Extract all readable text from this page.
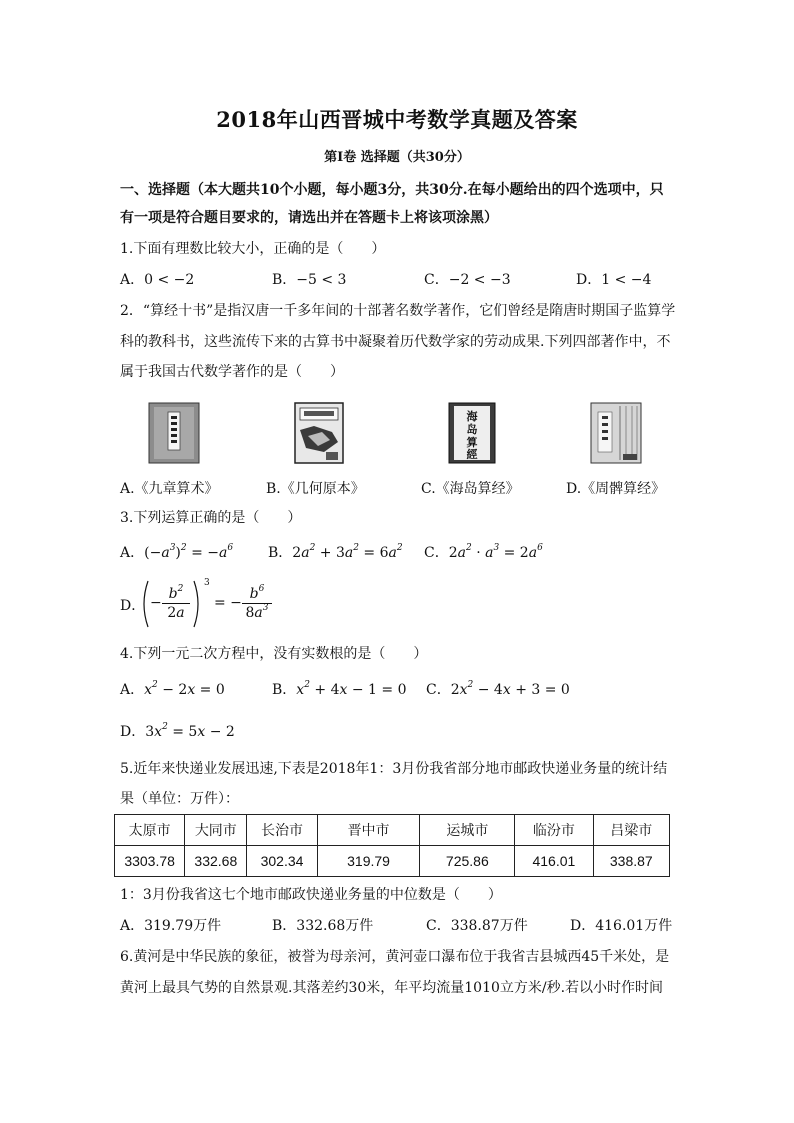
2018年山西晋城中考数学真题及答案
第Ⅰ卷 选择题（共30分）
一、选择题（本大题共10个小题，每小题3分，共30分.在每小题给出的四个选项中，只
有一项是符合题目要求的，请选出并在答题卡上将该项涂黑）
1.下面有理数比较大小，正确的是（　　）
A．0 < −2	B．−5 < 3	C．−2 < −3	D．1 < −4
2．“算经十书”是指汉唐一千多年间的十部著名数学著作，它们曾经是隋唐时期国子监算学
科的教科书，这些流传下来的古算书中凝聚着历代数学家的劳动成果.下列四部著作中，不
属于我国古代数学著作的是（　　）
海
岛
算
經
A.《九章算术》	B.《几何原本》	C.《海岛算经》	D.《周髀算经》
3.下列运算正确的是（　　）
A．$(-a^3)^2 = -a^6$ B．$2a^2 + 3a^2 = 6a^2$ C．$2a^2 \cdot a^3 = 2a^6$
D． − $\frac{b^2}{2a}$
3
= − $\frac{b^6}{8a^3}$
4.下列一元二次方程中，没有实数根的是（　　）
A．$x^2 - 2x = 0$	B．$x^2 + 4x - 1 = 0$ C．$2x^2 - 4x + 3 = 0$
D．$3x^2 = 5x - 2$
5.近年来快递业发展迅速,下表是2018年1：3月份我省部分地市邮政快递业务量的统计结
果（单位：万件）：
太原市	大同市	长治市	晋中市	运城市	临汾市	吕梁市
3303.78	332.68	302.34	319.79	725.86	416.01	338.87
1：3月份我省这七个地市邮政快递业务量的中位数是（　　）
A．319.79万件	B．332.68万件	C．338.87万件	D．416.01万件
6.黄河是中华民族的象征，被誉为母亲河，黄河壶口瀑布位于我省吉县城西45千米处，是
黄河上最具气势的自然景观.其落差约30米，年平均流量1010立方米/秒.若以小时作时间
